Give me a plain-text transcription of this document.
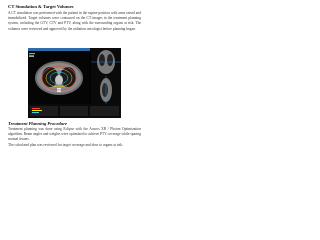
CT Simulation & Target Volumes
A CT simulation was performed with the patient in the supine position with arms raised and immobilized. Target volumes were contoured on the CT images in the treatment planning system, including the GTV, CTV and PTV, along with the surrounding organs at risk. The volumes were reviewed and approved by the radiation oncologist before planning began.
Treatment Planning Procedure
Treatment planning was done using Eclipse with the Acuros XB / Photon Optimization algorithm. Beam angles and weights were optimized to achieve PTV coverage while sparing normal tissues.
The calculated plan was reviewed for target coverage and dose to organs at risk.
